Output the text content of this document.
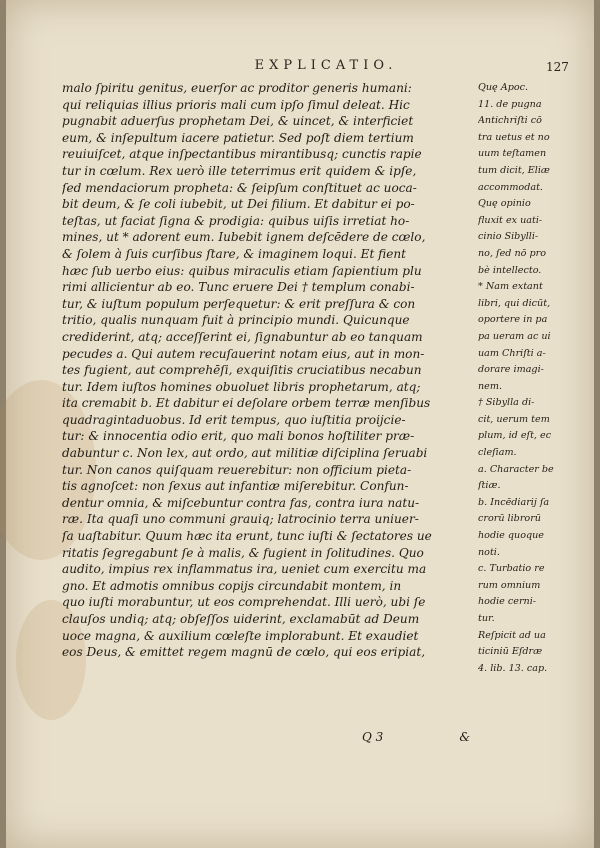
EXPLICATIO.	127
malo ſpiritu genitus, euerſor ac proditor generis humani:
qui reliquias illius prioris mali cum ipſo ſimul deleat. Hic
pugnabit aduerſus prophetam Dei, & uincet, & interficiet
eum, & inſepultum iacere patietur. Sed poſt diem tertium
reuiuiſcet, atque inſpectantibus mirantibusq; cunctis rapie
tur in cœlum. Rex uerò ille teterrimus erit quidem & ipſe,
ſed mendaciorum propheta: & ſeipſum conſtituet ac uoca-
bit deum, & ſe coli iubebit, ut Dei filium. Et dabitur ei po-
teſtas, ut faciat ſigna & prodigia: quibus uiſis irretiat ho-
mines, ut * adorent eum. Iubebit ignem deſcēdere de cœlo,
& ſolem à ſuis curſibus ſtare, & imaginem loqui. Et fient
hæc ſub uerbo eius: quibus miraculis etiam ſapientium plu
rimi allicientur ab eo. Tunc eruere Dei † templum conabi-
tur, & iuſtum populum perſequetur: & erit preſſura & con
tritio, qualis nunquam fuit à principio mundi. Quicunque
crediderint, atq; acceſſerint ei, ſignabuntur ab eo tanquam
pecudes a. Qui autem recuſauerint notam eius, aut in mon-
tes fugient, aut comprehēſi, exquiſitis cruciatibus necabun
tur. Idem iuſtos homines obuoluet libris prophetarum, atq;
ita cremabit b. Et dabitur ei deſolare orbem terræ menſibus
quadragintaduobus. Id erit tempus, quo iuſtitia proijcie-
tur: & innocentia odio erit, quo mali bonos hoſtiliter præ-
dabuntur c. Non lex, aut ordo, aut militiæ diſciplina ſeruabi
tur. Non canos quiſquam reuerebitur: non officium pieta-
tis agnoſcet: non ſexus aut infantiæ miſerebitur. Confun-
dentur omnia, & miſcebuntur contra fas, contra iura natu-
ræ. Ita quaſi uno communi grauiq; latrocinio terra uniuer-
ſa uaſtabitur. Quum hæc ita erunt, tunc iuſti & ſectatores ue
ritatis ſegregabunt ſe à malis, & fugient in ſolitudines. Quo
audito, impius rex inflammatus ira, ueniet cum exercitu ma
gno. Et admotis omnibus copijs circundabit montem, in
quo iuſti morabuntur, ut eos comprehendat. Illi uerò, ubi ſe
clauſos undiq; atq; obſeſſos uiderint, exclamabūt ad Deum
uoce magna, & auxilium cœleſte implorabunt. Et exaudiet
eos Deus, & emittet regem magnū de cœlo, qui eos eripiat,
Quę Apoc.
11. de pugna
Antichriſti cō
tra uetus et no
uum teſtamen
tum dicit, Eliæ
accommodat.
Quę opinio
fluxit ex uati-
cinio Sibylli-
no, ſed nō pro
bè intellecto.
* Nam extant
libri, qui dicūt,
oportere in pa
pa ueram ac ui
uam Chriſti a-
dorare imagi-
nem.
† Sibylla di-
cit, uerum tem
plum, id eſt, ec
cleſiam.
a. Character be
ſtiæ.
b. Incēdiarij ſa
crorū librorū
hodie quoque
noti.
c. Turbatio re
rum omnium
hodie cerni-
tur.
Reſpicit ad ua
ticiniū Eſdræ
4. lib. 13. cap.
Q 3	&
